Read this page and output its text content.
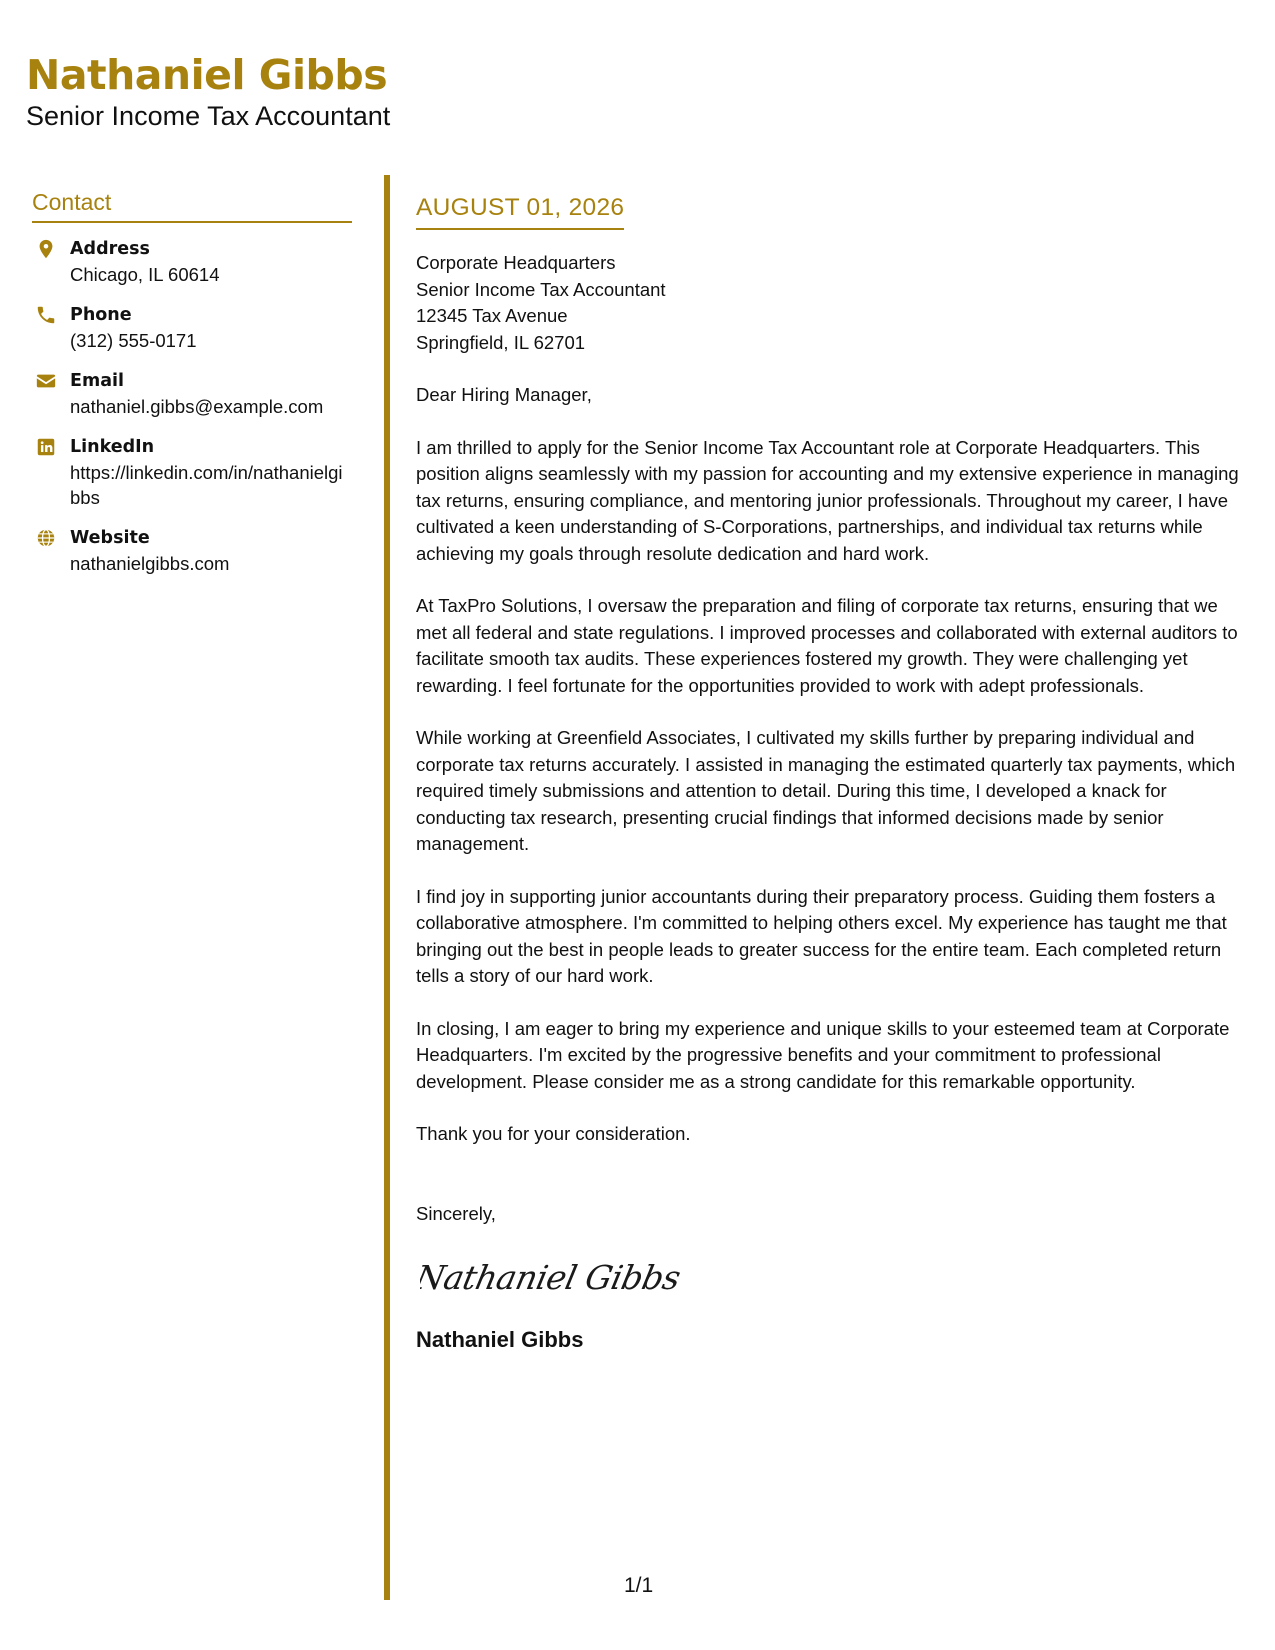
Nathaniel Gibbs
Senior Income Tax Accountant
Contact
Address
Chicago, IL 60614
Phone
(312) 555-0171
Email
nathaniel.gibbs@example.com
LinkedIn
https://linkedin.com/in/nathanielgibbs
Website
nathanielgibbs.com
AUGUST 01, 2026
Corporate Headquarters
Senior Income Tax Accountant
12345 Tax Avenue
Springfield, IL 62701
Dear Hiring Manager,
I am thrilled to apply for the Senior Income Tax Accountant role at Corporate Headquarters. This position aligns seamlessly with my passion for accounting and my extensive experience in managing tax returns, ensuring compliance, and mentoring junior professionals. Throughout my career, I have cultivated a keen understanding of S-Corporations, partnerships, and individual tax returns while achieving my goals through resolute dedication and hard work.
At TaxPro Solutions, I oversaw the preparation and filing of corporate tax returns, ensuring that we met all federal and state regulations. I improved processes and collaborated with external auditors to facilitate smooth tax audits. These experiences fostered my growth. They were challenging yet rewarding. I feel fortunate for the opportunities provided to work with adept professionals.
While working at Greenfield Associates, I cultivated my skills further by preparing individual and corporate tax returns accurately. I assisted in managing the estimated quarterly tax payments, which required timely submissions and attention to detail. During this time, I developed a knack for conducting tax research, presenting crucial findings that informed decisions made by senior management.
I find joy in supporting junior accountants during their preparatory process. Guiding them fosters a collaborative atmosphere. I'm committed to helping others excel. My experience has taught me that bringing out the best in people leads to greater success for the entire team. Each completed return tells a story of our hard work.
In closing, I am eager to bring my experience and unique skills to your esteemed team at Corporate Headquarters. I'm excited by the progressive benefits and your commitment to professional development. Please consider me as a strong candidate for this remarkable opportunity.
Thank you for your consideration.
Sincerely,
Nathaniel Gibbs
Nathaniel Gibbs
1/1
